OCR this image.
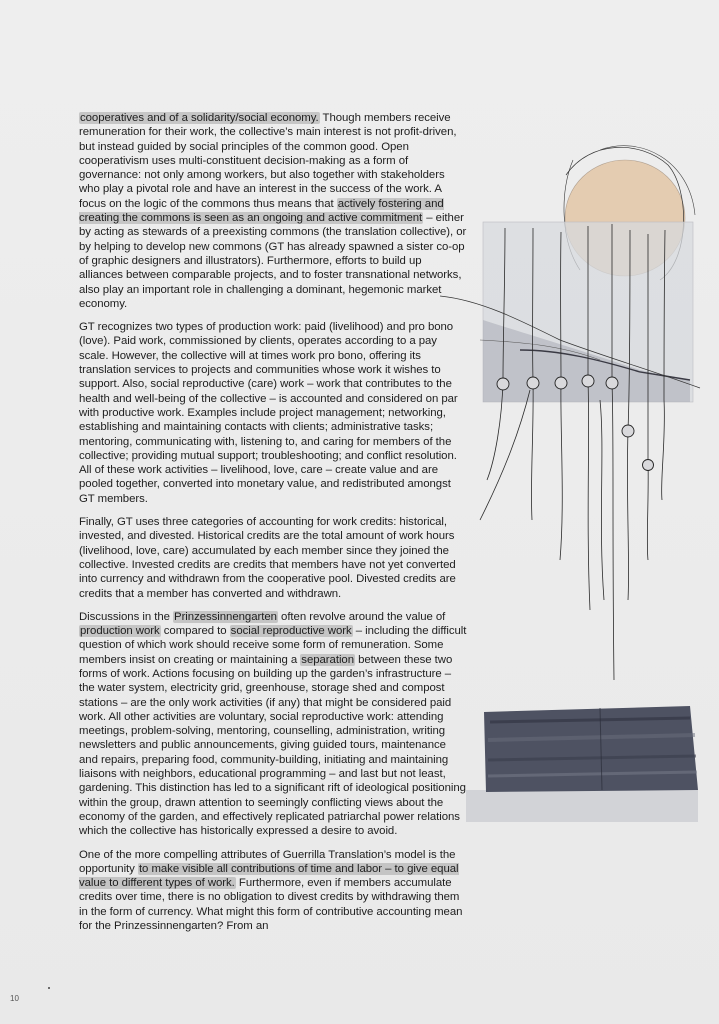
cooperatives and of a solidarity/social economy. Though members receive remuneration for their work, the collective’s main interest is not profit-driven, but instead guided by social principles of the common good. Open cooperativism uses multi-constituent decision-making as a form of governance: not only among workers, but also together with stakeholders who play a pivotal role and have an interest in the success of the work. A focus on the logic of the commons thus means that actively fostering and creating the commons is seen as an ongoing and active commitment – either by acting as stewards of a preexisting commons (the translation collective), or by helping to develop new commons (GT has already spawned a sister co-op of graphic designers and illustrators). Furthermore, efforts to build up alliances between comparable projects, and to foster transnational networks, also play an important role in challenging a dominant, hegemonic market economy.

GT recognizes two types of production work: paid (livelihood) and pro bono (love). Paid work, commissioned by clients, operates according to a pay scale. However, the collective will at times work pro bono, offering its translation services to projects and communities whose work it wishes to support. Also, social reproductive (care) work – work that contributes to the health and well-being of the collective – is accounted and considered on par with productive work. Examples include project management; networking, establishing and maintaining contacts with clients; administrative tasks; mentoring, communicating with, listening to, and caring for members of the collective; providing mutual support; troubleshooting; and conflict resolution. All of these work activities – livelihood, love, care – create value and are pooled together, converted into monetary value, and redistributed amongst GT members.

Finally, GT uses three categories of accounting for work credits: historical, invested, and divested. Historical credits are the total amount of work hours (livelihood, love, care) accumulated by each member since they joined the collective. Invested credits are credits that members have not yet converted into currency and withdrawn from the cooperative pool. Divested credits are credits that a member has converted and withdrawn.

Discussions in the Prinzessinnengarten often revolve around the value of production work compared to social reproductive work – including the difficult question of which work should receive some form of remuneration. Some members insist on creating or maintaining a separation between these two forms of work. Actions focusing on building up the garden’s infrastructure – the water system, electricity grid, greenhouse, storage shed and compost stations – are the only work activities (if any) that might be considered paid work. All other activities are voluntary, social reproductive work: attending meetings, problem-solving, mentoring, counselling, administration, writing newsletters and public announcements, giving guided tours, maintenance and repairs, preparing food, community-building, initiating and maintaining liaisons with neighbors, educational programming – and last but not least, gardening. This distinction has led to a significant rift of ideological positioning within the group, drawn attention to seemingly conflicting views about the economy of the garden, and effectively replicated patriarchal power relations which the collective has historically expressed a desire to avoid.

One of the more compelling attributes of Guerrilla Translation’s model is the opportunity to make visible all contributions of time and labor – to give equal value to different types of work. Furthermore, even if members accumulate credits over time, there is no obligation to divest credits by withdrawing them in the form of currency. What might this form of contributive accounting mean for the Prinzessinnengarten? From an

10
